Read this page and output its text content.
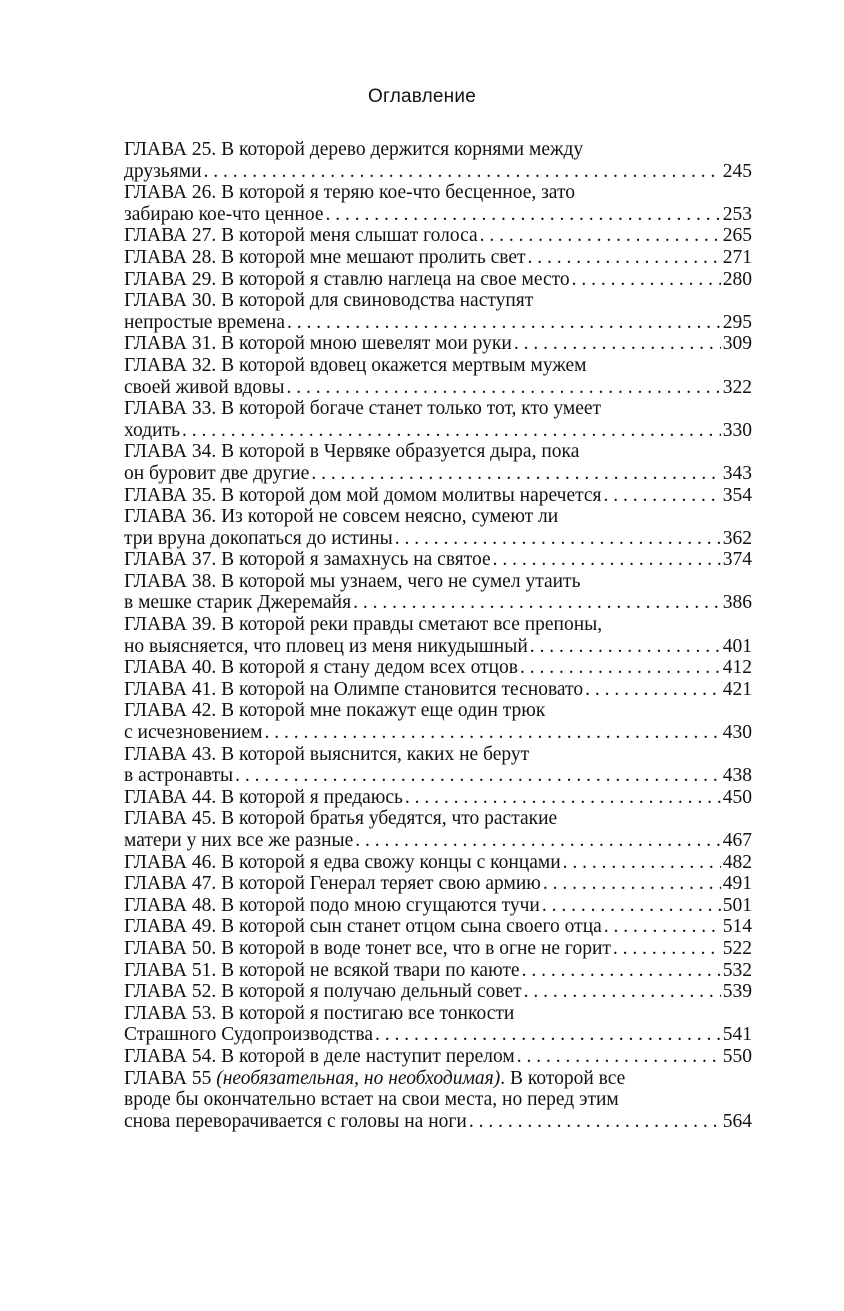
Оглавление
ГЛАВА 25. В которой дерево держится корнями между
друзьями . . .	245
ГЛАВА 26. В которой я теряю кое-что бесценное, зато
забираю кое-что ценное . . .	253
ГЛАВА 27. В которой меня слышат голоса . . .	265
ГЛАВА 28. В которой мне мешают пролить свет . . .	271
ГЛАВА 29. В которой я ставлю наглеца на свое место . . .	280
ГЛАВА 30. В которой для свиноводства наступят
непростые времена . . .	295
ГЛАВА 31. В которой мною шевелят мои руки . . .	309
ГЛАВА 32. В которой вдовец окажется мертвым мужем
своей живой вдовы . . .	322
ГЛАВА 33. В которой богаче станет только тот, кто умеет
ходить . . .	330
ГЛАВА 34. В которой в Червяке образуется дыра, пока
он буровит две другие . . .	343
ГЛАВА 35. В которой дом мой домом молитвы наречется . . .	354
ГЛАВА 36. Из которой не совсем неясно, сумеют ли
три вруна докопаться до истины . . .	362
ГЛАВА 37. В которой я замахнусь на святое . . .	374
ГЛАВА 38. В которой мы узнаем, чего не сумел утаить
в мешке старик Джеремайя . . .	386
ГЛАВА 39. В которой реки правды сметают все препоны,
но выясняется, что пловец из меня никудышный . . .	401
ГЛАВА 40. В которой я стану дедом всех отцов . . .	412
ГЛАВА 41. В которой на Олимпе становится тесновато . . .	421
ГЛАВА 42. В которой мне покажут еще один трюк
с исчезновением . . .	430
ГЛАВА 43. В которой выяснится, каких не берут
в астронавты . . .	438
ГЛАВА 44. В которой я предаюсь . . .	450
ГЛАВА 45. В которой братья убедятся, что растакие
матери у них все же разные . . .	467
ГЛАВА 46. В которой я едва свожу концы с концами . . .	482
ГЛАВА 47. В которой Генерал теряет свою армию . . .	491
ГЛАВА 48. В которой подо мною сгущаются тучи . . .	501
ГЛАВА 49. В которой сын станет отцом сына своего отца . . .	514
ГЛАВА 50. В которой в воде тонет все, что в огне не горит . . .	522
ГЛАВА 51. В которой не всякой твари по каюте . . .	532
ГЛАВА 52. В которой я получаю дельный совет . . .	539
ГЛАВА 53. В которой я постигаю все тонкости
Страшного Судопроизводства . . .	541
ГЛАВА 54. В которой в деле наступит перелом . . .	550
ГЛАВА 55 (необязательная, но необходимая). В которой все
вроде бы окончательно встает на свои места, но перед этим
снова переворачивается с головы на ноги . . .	564
